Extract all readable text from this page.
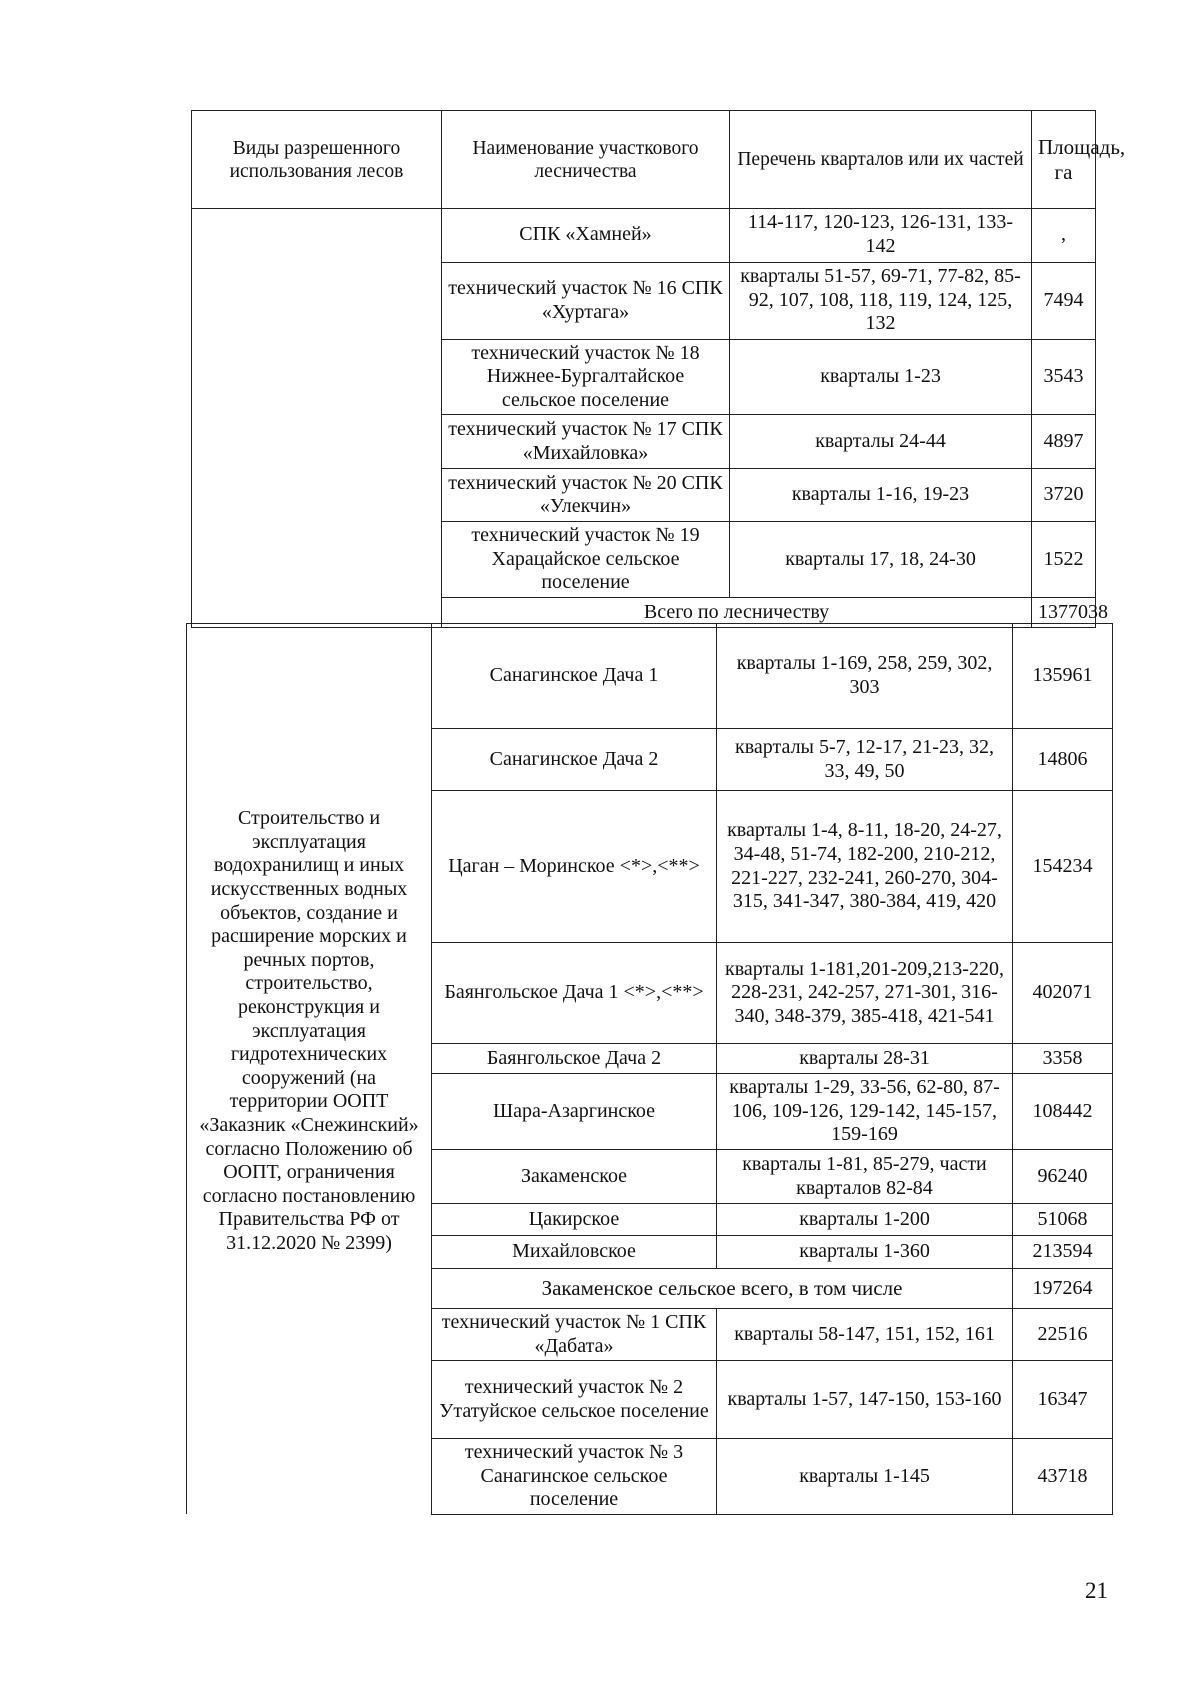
Виды разрешенного использования лесов	Наименование участкового лесничества	Перечень кварталов или их частей	Площадь, га
	СПК «Хамней»	114-117, 120-123, 126-131, 133-142	,
	технический участок № 16 СПК «Хуртага»	кварталы 51-57, 69-71, 77-82, 85-92, 107, 108, 118, 119, 124, 125, 132	7494
	технический участок № 18 Нижнее-Бургалтайское сельское поселение	кварталы 1-23	3543
	технический участок № 17 СПК «Михайловка»	кварталы 24-44	4897
	технический участок № 20 СПК «Улекчин»	кварталы 1-16, 19-23	3720
	технический участок № 19 Харацайское сельское поселение	кварталы 17, 18, 24-30	1522
	Всего по лесничеству		1377038
Строительство и эксплуатация водохранилищ и иных искусственных водных объектов, создание и расширение морских и речных портов, строительство, реконструкция и эксплуатация гидротехнических сооружений (на территории ООПТ «Заказник «Снежинский» согласно Положению об ООПТ, ограничения согласно постановлению Правительства РФ от 31.12.2020 № 2399)	Санагинское Дача 1	кварталы 1-169, 258, 259, 302, 303	135961
	Санагинское Дача 2	кварталы 5-7, 12-17, 21-23, 32, 33, 49, 50	14806
	Цаган – Моринское <*>,<**>	кварталы 1-4, 8-11, 18-20, 24-27, 34-48, 51-74, 182-200, 210-212, 221-227, 232-241, 260-270, 304-315, 341-347, 380-384, 419, 420	154234
	Баянгольское Дача 1 <*>,<**>	кварталы 1-181,201-209,213-220, 228-231, 242-257, 271-301, 316-340, 348-379, 385-418, 421-541	402071
	Баянгольское Дача 2	кварталы 28-31	3358
	Шара-Азаргинское	кварталы 1-29, 33-56, 62-80, 87-106, 109-126, 129-142, 145-157, 159-169	108442
	Закаменское	кварталы 1-81, 85-279, части кварталов 82-84	96240
	Цакирское	кварталы 1-200	51068
	Михайловское	кварталы 1-360	213594
	Закаменское сельское всего, в том числе		197264
	технический участок № 1 СПК «Дабата»	кварталы 58-147, 151, 152, 161	22516
	технический участок № 2 Утатуйское сельское поселение	кварталы 1-57, 147-150, 153-160	16347
	технический участок № 3 Санагинское сельское поселение	кварталы 1-145	43718
21
